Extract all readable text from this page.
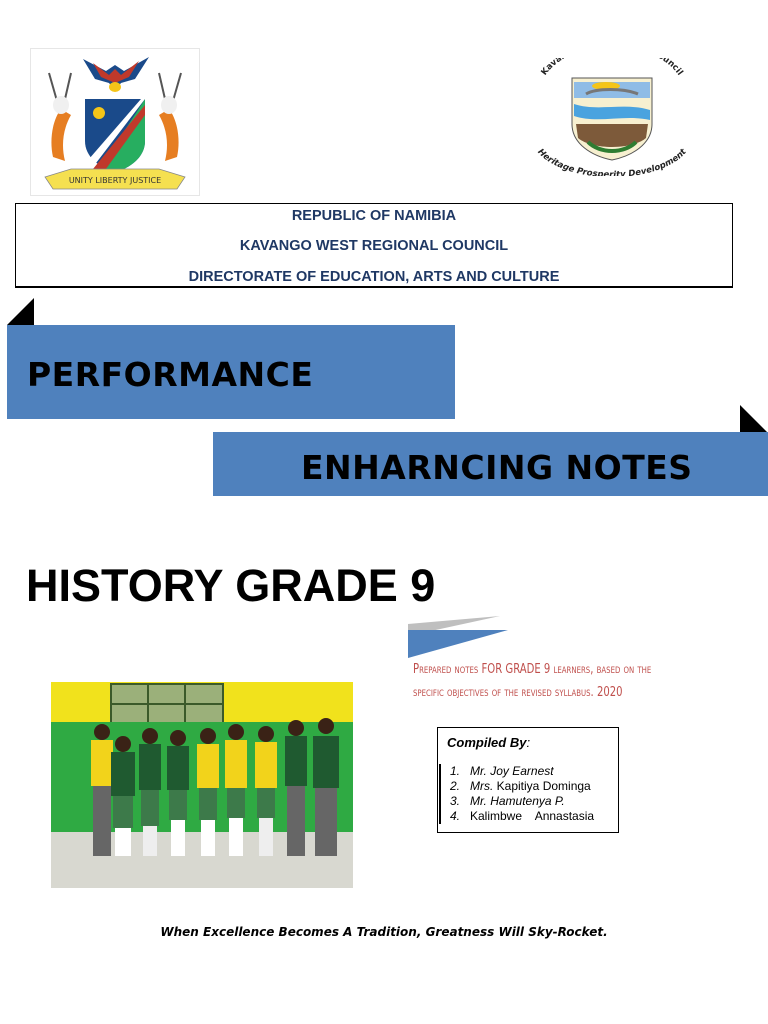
UNITY LIBERTY JUSTICE
Kava uncil
Heritage Prosperity Development
REPUBLIC OF NAMIBIA
KAVANGO WEST REGIONAL COUNCIL
DIRECTORATE OF EDUCATION, ARTS AND CULTURE
PERFORMANCE
ENHARNCING NOTES
HISTORY GRADE 9
Prepared notes FOR GRADE 9 learners, based on the
specific objectives of the revised syllabus. 2020
Compiled By:
1. Mr. Joy Earnest
2. Mrs. Kapitiya Dominga
3. Mr. Hamutenya P.
4. Kalimbwe    Annastasia
When Excellence Becomes A Tradition, Greatness Will Sky-Rocket.
